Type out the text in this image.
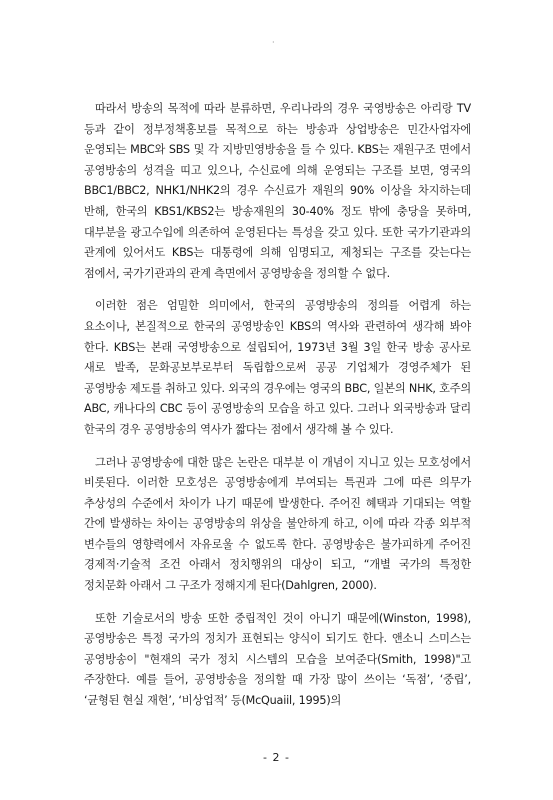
·

따라서 방송의 목적에 따라 분류하면, 우리나라의 경우 국영방송은 아리랑 TV 등과 같이 정부정책홍보를 목적으로 하는 방송과 상업방송은 민간사업자에 운영되는 MBC와 SBS 및 각 지방민영방송을 들 수 있다. KBS는 재원구조 면에서 공영방송의 성격을 띠고 있으나, 수신료에 의해 운영되는 구조를 보면, 영국의 BBC1/BBC2, NHK1/NHK2의 경우 수신료가 재원의 90% 이상을 차지하는데 반해, 한국의 KBS1/KBS2는 방송재원의 30-40% 정도 밖에 충당을 못하며, 대부분을 광고수입에 의존하여 운영된다는 특성을 갖고 있다. 또한 국가기관과의 관계에 있어서도 KBS는 대통령에 의해 임명되고, 제청되는 구조를 갖는다는 점에서, 국가기관과의 관계 측면에서 공영방송을 정의할 수 없다.

이러한 점은 엄밀한 의미에서, 한국의 공영방송의 정의를 어렵게 하는 요소이나, 본질적으로 한국의 공영방송인 KBS의 역사와 관련하여 생각해 봐야 한다. KBS는 본래 국영방송으로 설립되어, 1973년 3월 3일 한국 방송 공사로 새로 발족, 문화공보부로부터 독립함으로써 공공 기업체가 경영주체가 된 공영방송 제도를 취하고 있다. 외국의 경우에는 영국의 BBC, 일본의 NHK, 호주의 ABC, 캐나다의 CBC 등이 공영방송의 모습을 하고 있다. 그러나 외국방송과 달리 한국의 경우 공영방송의 역사가 짧다는 점에서 생각해 볼 수 있다.

그러나 공영방송에 대한 많은 논란은 대부분 이 개념이 지니고 있는 모호성에서 비롯된다. 이러한 모호성은 공영방송에게 부여되는 특권과 그에 따른 의무가 추상성의 수준에서 차이가 나기 때문에 발생한다. 주어진 혜택과 기대되는 역할 간에 발생하는 차이는 공영방송의 위상을 불안하게 하고, 이에 따라 각종 외부적 변수들의 영향력에서 자유로울 수 없도록 한다. 공영방송은 불가피하게 주어진 경제적·기술적 조건 아래서 정치행위의 대상이 되고, “개별 국가의 특정한 정치문화 아래서 그 구조가 정해지게 된다(Dahlgren, 2000).

또한 기술로서의 방송 또한 중립적인 것이 아니기 때문에(Winston, 1998), 공영방송은 특정 국가의 정치가 표현되는 양식이 되기도 한다. 앤소니 스미스는 공영방송이 "현재의 국가 정치 시스템의 모습을 보여준다(Smith, 1998)"고 주장한다. 예를 들어, 공영방송을 정의할 때 가장 많이 쓰이는 ‘독점’, ‘중립’, ‘균형된 현실 재현’, ‘비상업적’ 등(McQuaiil, 1995)의

- 2 -
